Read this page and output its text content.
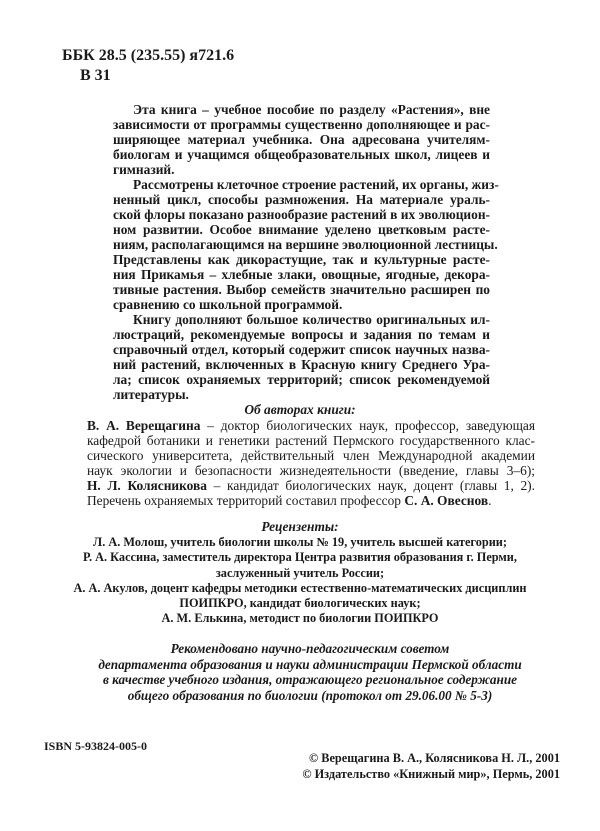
ББК 28.5 (235.55) я721.6
В 31
Эта книга – учебное пособие по разделу «Растения», вне
зависимости от программы существенно дополняющее и рас-
ширяющее материал учебника. Она адресована учителям-
биологам и учащимся общеобразовательных школ, лицеев и
гимназий.
Рассмотрены клеточное строение растений, их органы, жиз-
ненный цикл, способы размножения. На материале ураль-
ской флоры показано разнообразие растений в их эволюцион-
ном развитии. Особое внимание уделено цветковым расте-
ниям, располагающимся на вершине эволюционной лестницы.
Представлены как дикорастущие, так и культурные расте-
ния Прикамья – хлебные злаки, овощные, ягодные, декора-
тивные растения. Выбор семейств значительно расширен по
сравнению со школьной программой.
Книгу дополняют большое количество оригинальных ил-
люстраций, рекомендуемые вопросы и задания по темам и
справочный отдел, который содержит список научных назва-
ний растений, включенных в Красную книгу Среднего Ура-
ла; список охраняемых территорий; список рекомендуемой
литературы.
Об авторах книги:
В. А. Верещагина – доктор биологических наук, профессор, заведующая
кафедрой ботаники и генетики растений Пермского государственного клас-
сического университета, действительный член Международной академии
наук экологии и безопасности жизнедеятельности (введение, главы 3–6);
Н. Л. Колясникова – кандидат биологических наук, доцент (главы 1, 2).
Перечень охраняемых территорий составил профессор С. А. Овеснов.
Рецензенты:
Л. А. Молош, учитель биологии школы № 19, учитель высшей категории;
Р. А. Кассина, заместитель директора Центра развития образования г. Перми,
заслуженный учитель России;
А. А. Акулов, доцент кафедры методики естественно-математических дисциплин
ПОИПКРО, кандидат биологических наук;
А. М. Елькина, методист по биологии ПОИПКРО
Рекомендовано научно-педагогическим советом
департамента образования и науки администрации Пермской области
в качестве учебного издания, отражающего региональное содержание
общего образования по биологии (протокол от 29.06.00 № 5-3)
ISBN 5-93824-005-0
© Верещагина В. А., Колясникова Н. Л., 2001
© Издательство «Книжный мир», Пермь, 2001
